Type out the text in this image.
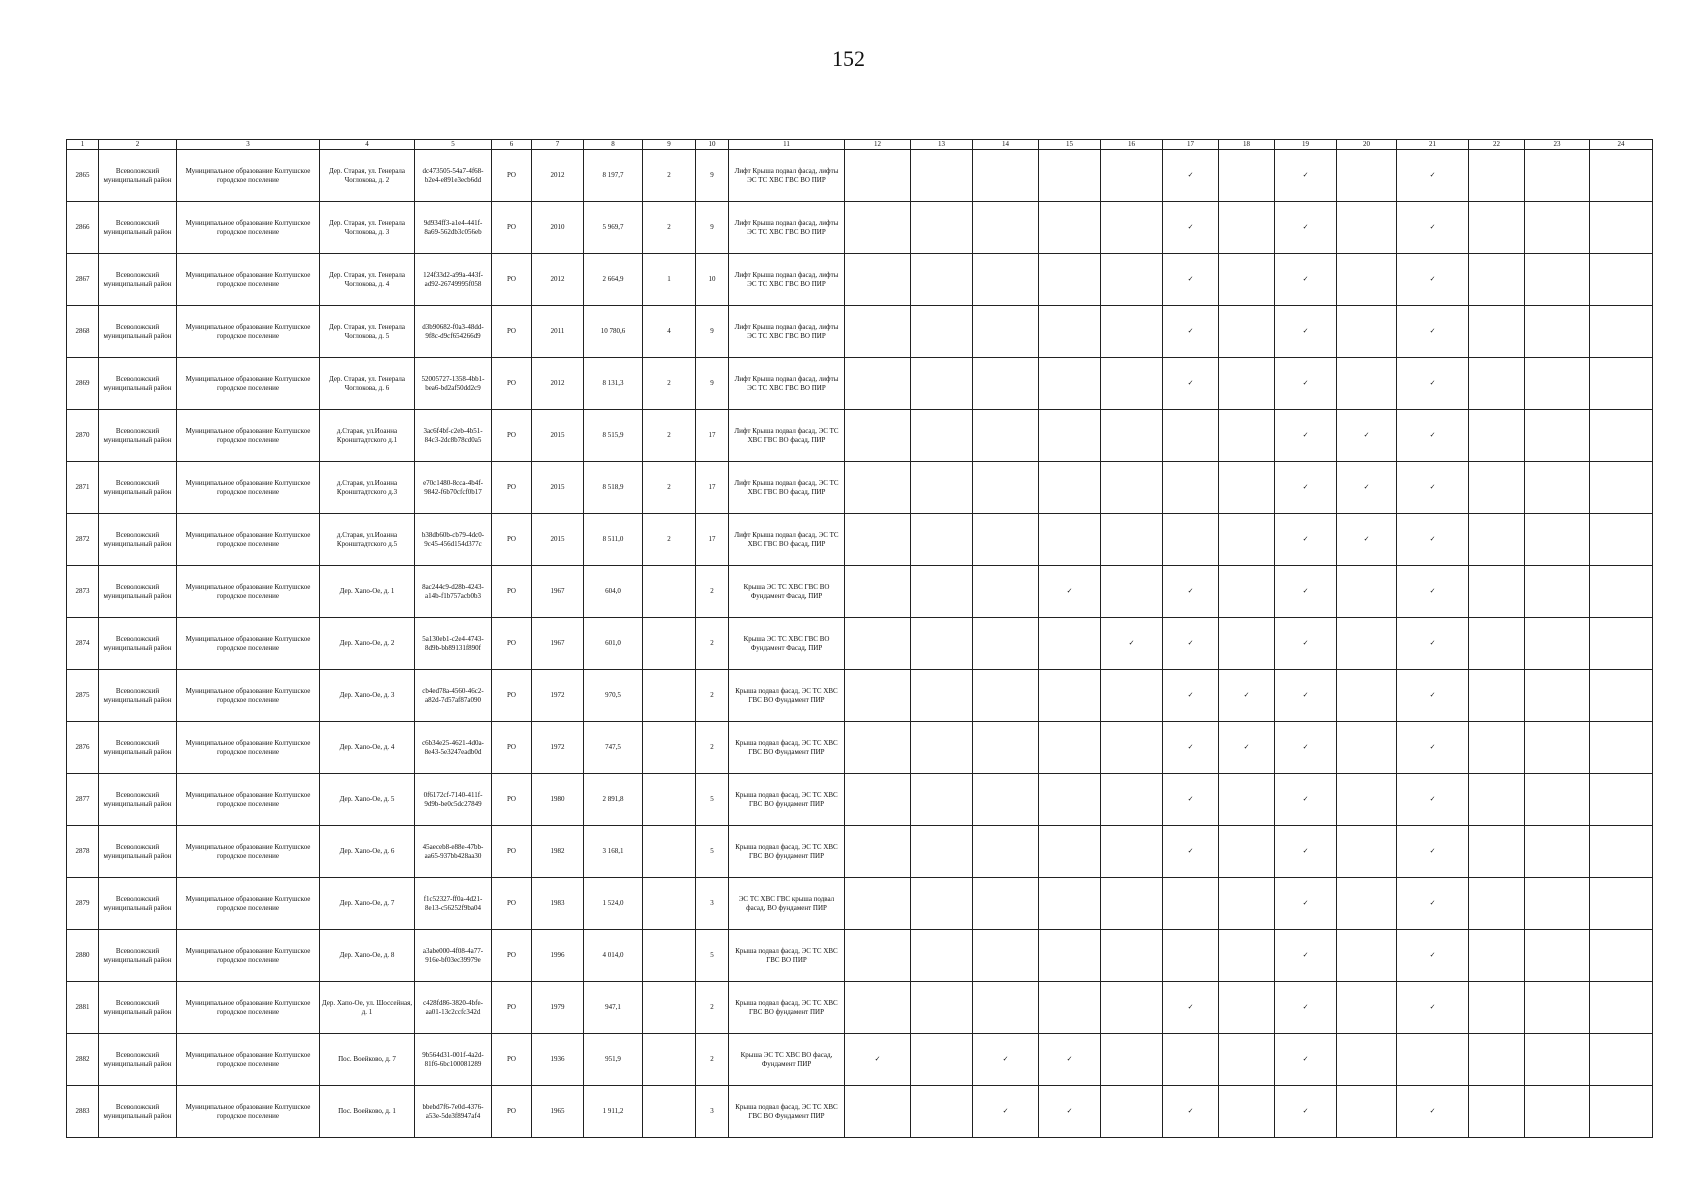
152
1	2	3	4	5	6	7	8	9	10	11	12	13	14	15	16	17	18	19	20	21	22	23	24
2865	Всеволожский муниципальный район	Муниципальное образование Колтушское городское поселение	Дер. Старая, ул. Генерала Чоглокова, д. 2	dc473505-54a7-4f68-b2e4-e891e3ecb6dd	PO	2012	8 197,7	2	9	Лифт Крыша подвал фасад, лифты ЭС ТС ХВС ГВС ВО ПИР						✓		✓		✓			
2866	Всеволожский муниципальный район	Муниципальное образование Колтушское городское поселение	Дер. Старая, ул. Генерала Чоглокова, д. 3	9d934ff3-a1e4-441f-8a69-562db3c056eb	PO	2010	5 969,7	2	9	Лифт Крыша подвал фасад, лифты ЭС ТС ХВС ГВС ВО ПИР						✓		✓		✓			
2867	Всеволожский муниципальный район	Муниципальное образование Колтушское городское поселение	Дер. Старая, ул. Генерала Чоглокова, д. 4	124f33d2-a99a-443f-ad92-26749995f058	PO	2012	2 664,9	1	10	Лифт Крыша подвал фасад, лифты ЭС ТС ХВС ГВС ВО ПИР						✓		✓		✓			
2868	Всеволожский муниципальный район	Муниципальное образование Колтушское городское поселение	Дер. Старая, ул. Генерала Чоглокова, д. 5	d3b90682-f0a3-48dd-9f8c-d9cf654266d9	PO	2011	10 780,6	4	9	Лифт Крыша подвал фасад, лифты ЭС ТС ХВС ГВС ВО ПИР						✓		✓		✓			
2869	Всеволожский муниципальный район	Муниципальное образование Колтушское городское поселение	Дер. Старая, ул. Генерала Чоглокова, д. 6	52005727-1358-4bb1-bea6-bd2af50dd2c9	PO	2012	8 131,3	2	9	Лифт Крыша подвал фасад, лифты ЭС ТС ХВС ГВС ВО ПИР						✓		✓		✓			
2870	Всеволожский муниципальный район	Муниципальное образование Колтушское городское поселение	д.Старая, ул.Иоанна Кронштадтского д.1	3ac6f4bf-c2eb-4b51-84c3-2dc8b78cd0a5	PO	2015	8 515,9	2	17	Лифт Крыша подвал фасад, ЭС ТС ХВС ГВС ВО фасад, ПИР								✓	✓	✓			
2871	Всеволожский муниципальный район	Муниципальное образование Колтушское городское поселение	д.Старая, ул.Иоанна Кронштадтского д.3	e70c1480-8cca-4b4f-9842-f6b70cfcf0b17	PO	2015	8 518,9	2	17	Лифт Крыша подвал фасад, ЭС ТС ХВС ГВС ВО фасад, ПИР								✓	✓	✓			
2872	Всеволожский муниципальный район	Муниципальное образование Колтушское городское поселение	д.Старая, ул.Иоанна Кронштадтского д.5	b38db60b-cb79-4dc0-9c45-456d154d377c	PO	2015	8 511,0	2	17	Лифт Крыша подвал фасад, ЭС ТС ХВС ГВС ВО фасад, ПИР								✓	✓	✓			
2873	Всеволожский муниципальный район	Муниципальное образование Колтушское городское поселение	Дер. Хапо-Ое, д. 1	8ac244c9-d28b-4243-a14b-f1b757acb0b3	PO	1967	604,0		2	Крыша ЭС ТС ХВС ГВС ВО Фундамент Фасад, ПИР				✓		✓		✓		✓			
2874	Всеволожский муниципальный район	Муниципальное образование Колтушское городское поселение	Дер. Хапо-Ое, д. 2	5a130eb1-c2e4-4743-8d9b-bb89131f890f	PO	1967	601,0		2	Крыша ЭС ТС ХВС ГВС ВО Фундамент Фасад, ПИР					✓	✓		✓		✓			
2875	Всеволожский муниципальный район	Муниципальное образование Колтушское городское поселение	Дер. Хапо-Ое, д. 3	cb4ed78a-4560-46c2-a82d-7d57af87a090	PO	1972	970,5		2	Крыша подвал фасад, ЭС ТС ХВС ГВС ВО Фундамент ПИР						✓	✓	✓		✓			
2876	Всеволожский муниципальный район	Муниципальное образование Колтушское городское поселение	Дер. Хапо-Ое, д. 4	c6b34e25-4621-4d0a-8e43-5e3247eadb0d	PO	1972	747,5		2	Крыша подвал фасад, ЭС ТС ХВС ГВС ВО Фундамент ПИР						✓	✓	✓		✓			
2877	Всеволожский муниципальный район	Муниципальное образование Колтушское городское поселение	Дер. Хапо-Ое, д. 5	0f6172cf-7140-411f-9d9b-be0c5dc27849	PO	1980	2 891,8		5	Крыша подвал фасад, ЭС ТС ХВС ГВС ВО фундамент ПИР						✓		✓		✓			
2878	Всеволожский муниципальный район	Муниципальное образование Колтушское городское поселение	Дер. Хапо-Ое, д. 6	45aeceb8-e88e-47bb-aa65-937bb428aa30	PO	1982	3 168,1		5	Крыша подвал фасад, ЭС ТС ХВС ГВС ВО фундамент ПИР						✓		✓		✓			
2879	Всеволожский муниципальный район	Муниципальное образование Колтушское городское поселение	Дер. Хапо-Ое, д. 7	f1c52327-ff0a-4d21-8e13-c56252f9ba04	PO	1983	1 524,0		3	ЭС ТС ХВС ГВС крыша подвал фасад, ВО фундамент ПИР								✓		✓			
2880	Всеволожский муниципальный район	Муниципальное образование Колтушское городское поселение	Дер. Хапо-Ое, д. 8	a3abe000-4f08-4a77-916e-bf03ec39979e	PO	1996	4 014,0		5	Крыша подвал фасад, ЭС ТС ХВС ГВС ВО ПИР								✓		✓			
2881	Всеволожский муниципальный район	Муниципальное образование Колтушское городское поселение	Дер. Хапо-Ое, ул. Шоссейная, д. 1	c428fd86-3820-4bfe-aa01-13c2ccfc342d	PO	1979	947,1		2	Крыша подвал фасад, ЭС ТС ХВС ГВС ВО фундамент ПИР						✓		✓		✓			
2882	Всеволожский муниципальный район	Муниципальное образование Колтушское городское поселение	Пос. Воейково, д. 7	9b564d31-001f-4a2d-81f6-6bc100081289	PO	1936	951,9		2	Крыша ЭС ТС ХВС ВО фасад, Фундамент ПИР	✓		✓	✓				✓					
2883	Всеволожский муниципальный район	Муниципальное образование Колтушское городское поселение	Пос. Воейково, д. 1	bbebd7f6-7e0d-4376-a53e-5de3f8947af4	PO	1965	1 911,2		3	Крыша подвал фасад, ЭС ТС ХВС ГВС ВО Фундамент ПИР			✓	✓		✓		✓		✓			
